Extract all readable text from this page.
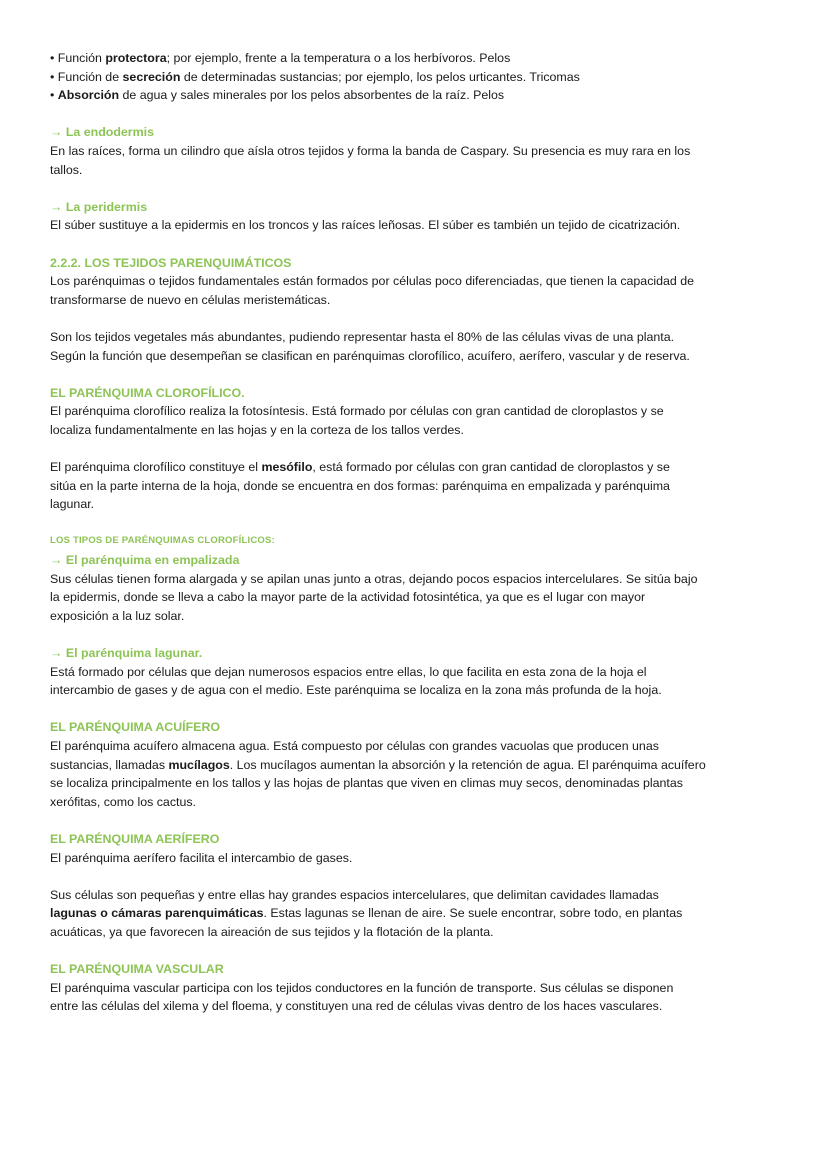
• Función protectora; por ejemplo, frente a la temperatura o a los herbívoros. Pelos

• Función de secreción de determinadas sustancias; por ejemplo, los pelos urticantes. Tricomas

• Absorción de agua y sales minerales por los pelos absorbentes de la raíz. Pelos

→ La endodermis

En las raíces, forma un cilindro que aísla otros tejidos y forma la banda de Caspary. Su presencia es muy rara en los
tallos.

→ La peridermis

El súber sustituye a la epidermis en los troncos y las raíces leñosas. El súber es también un tejido de cicatrización.

2.2.2. LOS TEJIDOS PARENQUIMÁTICOS

Los parénquimas o tejidos fundamentales están formados por células poco diferenciadas, que tienen la capacidad de
transformarse de nuevo en células meristemáticas.

Son los tejidos vegetales más abundantes, pudiendo representar hasta el 80% de las células vivas de una planta.
Según la función que desempeñan se clasifican en parénquimas clorofílico, acuífero, aerífero, vascular y de reserva.

EL PARÉNQUIMA CLOROFÍLICO.

El parénquima clorofílico realiza la fotosíntesis. Está formado por células con gran cantidad de cloroplastos y se
localiza fundamentalmente en las hojas y en la corteza de los tallos verdes.

El parénquima clorofílico constituye el mesófilo, está formado por células con gran cantidad de cloroplastos y se
sitúa en la parte interna de la hoja, donde se encuentra en dos formas: parénquima en empalizada y parénquima
lagunar.

LOS TIPOS DE PARÉNQUIMAS CLOROFÍLICOS:

→ El parénquima en empalizada

Sus células tienen forma alargada y se apilan unas junto a otras, dejando pocos espacios intercelulares. Se sitúa bajo
la epidermis, donde se lleva a cabo la mayor parte de la actividad fotosintética, ya que es el lugar con mayor
exposición a la luz solar.

→ El parénquima lagunar.

Está formado por células que dejan numerosos espacios entre ellas, lo que facilita en esta zona de la hoja el
intercambio de gases y de agua con el medio. Este parénquima se localiza en la zona más profunda de la hoja.

EL PARÉNQUIMA ACUÍFERO

El parénquima acuífero almacena agua. Está compuesto por células con grandes vacuolas que producen unas
sustancias, llamadas mucílagos. Los mucílagos aumentan la absorción y la retención de agua. El parénquima acuífero
se localiza principalmente en los tallos y las hojas de plantas que viven en climas muy secos, denominadas plantas
xerófitas, como los cactus.

EL PARÉNQUIMA AERÍFERO

El parénquima aerífero facilita el intercambio de gases.

Sus células son pequeñas y entre ellas hay grandes espacios intercelulares, que delimitan cavidades llamadas
lagunas o cámaras parenquimáticas. Estas lagunas se llenan de aire. Se suele encontrar, sobre todo, en plantas
acuáticas, ya que favorecen la aireación de sus tejidos y la flotación de la planta.

EL PARÉNQUIMA VASCULAR

El parénquima vascular participa con los tejidos conductores en la función de transporte. Sus células se disponen
entre las células del xilema y del floema, y constituyen una red de células vivas dentro de los haces vasculares.
